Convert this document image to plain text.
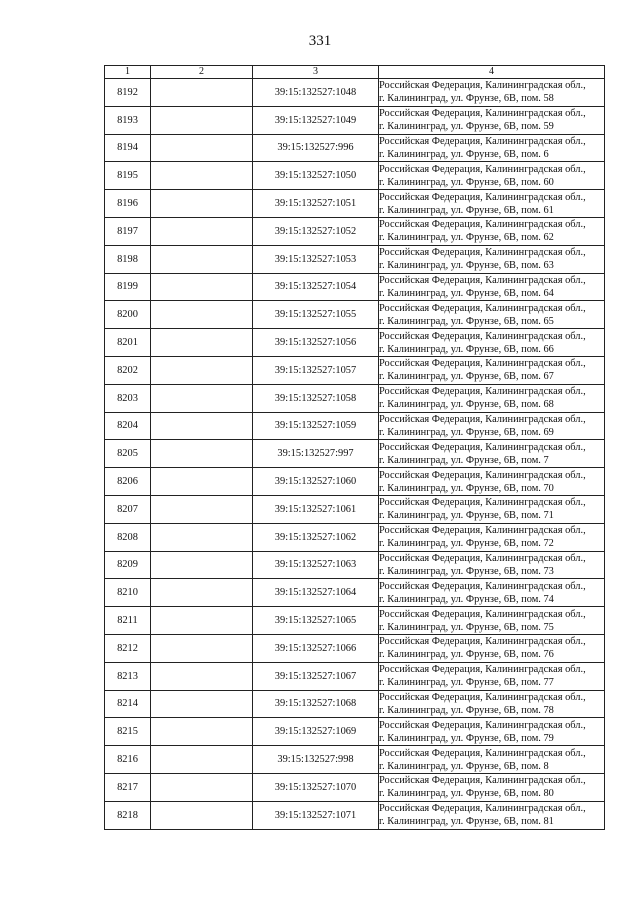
331
1	2	3	4
8192		39:15:132527:1048	Российская Федерация, Калининградская обл.,
г. Калининград, ул. Фрунзе, 6В, пом. 58

8193		39:15:132527:1049	Российская Федерация, Калининградская обл.,
г. Калининград, ул. Фрунзе, 6В, пом. 59

8194		39:15:132527:996	Российская Федерация, Калининградская обл.,
г. Калининград, ул. Фрунзе, 6В, пом. 6

8195		39:15:132527:1050	Российская Федерация, Калининградская обл.,
г. Калининград, ул. Фрунзе, 6В, пом. 60

8196		39:15:132527:1051	Российская Федерация, Калининградская обл.,
г. Калининград, ул. Фрунзе, 6В, пом. 61

8197		39:15:132527:1052	Российская Федерация, Калининградская обл.,
г. Калининград, ул. Фрунзе, 6В, пом. 62

8198		39:15:132527:1053	Российская Федерация, Калининградская обл.,
г. Калининград, ул. Фрунзе, 6В, пом. 63

8199		39:15:132527:1054	Российская Федерация, Калининградская обл.,
г. Калининград, ул. Фрунзе, 6В, пом. 64

8200		39:15:132527:1055	Российская Федерация, Калининградская обл.,
г. Калининград, ул. Фрунзе, 6В, пом. 65

8201		39:15:132527:1056	Российская Федерация, Калининградская обл.,
г. Калининград, ул. Фрунзе, 6В, пом. 66

8202		39:15:132527:1057	Российская Федерация, Калининградская обл.,
г. Калининград, ул. Фрунзе, 6В, пом. 67

8203		39:15:132527:1058	Российская Федерация, Калининградская обл.,
г. Калининград, ул. Фрунзе, 6В, пом. 68

8204		39:15:132527:1059	Российская Федерация, Калининградская обл.,
г. Калининград, ул. Фрунзе, 6В, пом. 69

8205		39:15:132527:997	Российская Федерация, Калининградская обл.,
г. Калининград, ул. Фрунзе, 6В, пом. 7

8206		39:15:132527:1060	Российская Федерация, Калининградская обл.,
г. Калининград, ул. Фрунзе, 6В, пом. 70

8207		39:15:132527:1061	Российская Федерация, Калининградская обл.,
г. Калининград, ул. Фрунзе, 6В, пом. 71

8208		39:15:132527:1062	Российская Федерация, Калининградская обл.,
г. Калининград, ул. Фрунзе, 6В, пом. 72

8209		39:15:132527:1063	Российская Федерация, Калининградская обл.,
г. Калининград, ул. Фрунзе, 6В, пом. 73

8210		39:15:132527:1064	Российская Федерация, Калининградская обл.,
г. Калининград, ул. Фрунзе, 6В, пом. 74

8211		39:15:132527:1065	Российская Федерация, Калининградская обл.,
г. Калининград, ул. Фрунзе, 6В, пом. 75

8212		39:15:132527:1066	Российская Федерация, Калининградская обл.,
г. Калининград, ул. Фрунзе, 6В, пом. 76

8213		39:15:132527:1067	Российская Федерация, Калининградская обл.,
г. Калининград, ул. Фрунзе, 6В, пом. 77

8214		39:15:132527:1068	Российская Федерация, Калининградская обл.,
г. Калининград, ул. Фрунзе, 6В, пом. 78

8215		39:15:132527:1069	Российская Федерация, Калининградская обл.,
г. Калининград, ул. Фрунзе, 6В, пом. 79

8216		39:15:132527:998	Российская Федерация, Калининградская обл.,
г. Калининград, ул. Фрунзе, 6В, пом. 8

8217		39:15:132527:1070	Российская Федерация, Калининградская обл.,
г. Калининград, ул. Фрунзе, 6В, пом. 80

8218		39:15:132527:1071	Российская Федерация, Калининградская обл.,
г. Калининград, ул. Фрунзе, 6В, пом. 81
